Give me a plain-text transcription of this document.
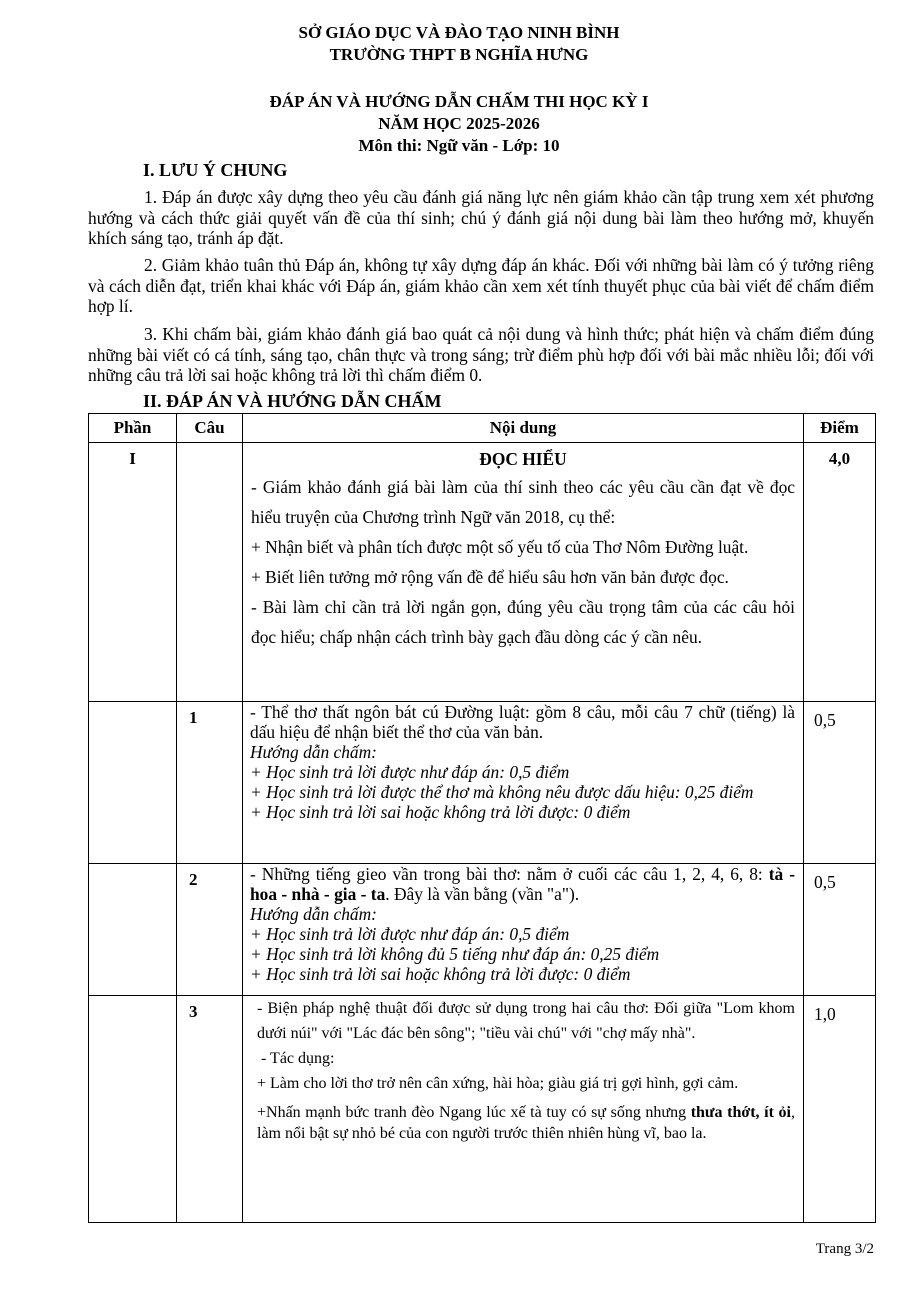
SỞ GIÁO DỤC VÀ ĐÀO TẠO NINH BÌNH
TRƯỜNG THPT B NGHĨA HƯNG
ĐÁP ÁN VÀ HƯỚNG DẪN CHẤM THI HỌC KỲ I
NĂM HỌC 2025-2026
Môn thi: Ngữ văn - Lớp: 10
I. LƯU Ý CHUNG
1. Đáp án được xây dựng theo yêu cầu đánh giá năng lực nên giám khảo cần tập trung xem xét phương hướng và cách thức giải quyết vấn đề của thí sinh; chú ý đánh giá nội dung bài làm theo hướng mở, khuyến khích sáng tạo, tránh áp đặt.
2. Giảm khảo tuân thủ Đáp án, không tự xây dựng đáp án khác. Đối với những bài làm có ý tưởng riêng và cách diễn đạt, triển khai khác với Đáp án, giám khảo cần xem xét tính thuyết phục của bài viết để chấm điểm hợp lí.
3. Khi chấm bài, giám khảo đánh giá bao quát cả nội dung và hình thức; phát hiện và chấm điểm đúng những bài viết có cá tính, sáng tạo, chân thực và trong sáng; trừ điểm phù hợp đối với bài mắc nhiều lỗi; đối với những câu trả lời sai hoặc không trả lời thì chấm điểm 0.
II. ĐÁP ÁN VÀ HƯỚNG DẪN CHẤM
Phần	Câu	Nội dung	Điểm
I		ĐỌC HIỂU
- Giám khảo đánh giá bài làm của thí sinh theo các yêu cầu cần đạt về đọc hiểu truyện của Chương trình Ngữ văn 2018, cụ thể:
+ Nhận biết và phân tích được một số yếu tố của Thơ Nôm Đường luật.
+ Biết liên tưởng mở rộng vấn đề để hiểu sâu hơn văn bản được đọc.
- Bài làm chỉ cần trả lời ngắn gọn, đúng yêu cầu trọng tâm của các câu hỏi đọc hiểu; chấp nhận cách trình bày gạch đầu dòng các ý cần nêu.	4,0
	1	- Thể thơ thất ngôn bát cú Đường luật: gồm 8 câu, mỗi câu 7 chữ (tiếng) là dấu hiệu để nhận biết thể thơ của văn bản.
Hướng dẫn chấm:
+ Học sinh trả lời được như đáp án: 0,5 điểm
+ Học sinh trả lời được thể thơ mà không nêu được dấu hiệu: 0,25 điểm
+ Học sinh trả lời sai hoặc không trả lời được: 0 điểm	0,5
	2	- Những tiếng gieo vần trong bài thơ: nằm ở cuối các câu 1, 2, 4, 6, 8: tà - hoa - nhà - gia - ta. Đây là vần bằng (vần "a").
Hướng dẫn chấm:
+ Học sinh trả lời được như đáp án: 0,5 điểm
+ Học sinh trả lời không đủ 5 tiếng như đáp án: 0,25 điểm
+ Học sinh trả lời sai hoặc không trả lời được: 0 điểm	0,5
	3	- Biện pháp nghệ thuật đối được sử dụng trong hai câu thơ: Đối giữa "Lom khom dưới núi" với "Lác đác bên sông"; "tiều vài chú" với "chợ mấy nhà".
- Tác dụng:
+ Làm cho lời thơ trở nên cân xứng, hài hòa; giàu giá trị gợi hình, gợi cảm.
+Nhấn mạnh bức tranh đèo Ngang lúc xế tà tuy có sự sống nhưng thưa thớt, ít ỏi, làm nổi bật sự nhỏ bé của con người trước thiên nhiên hùng vĩ, bao la.	1,0
Trang 3/2
